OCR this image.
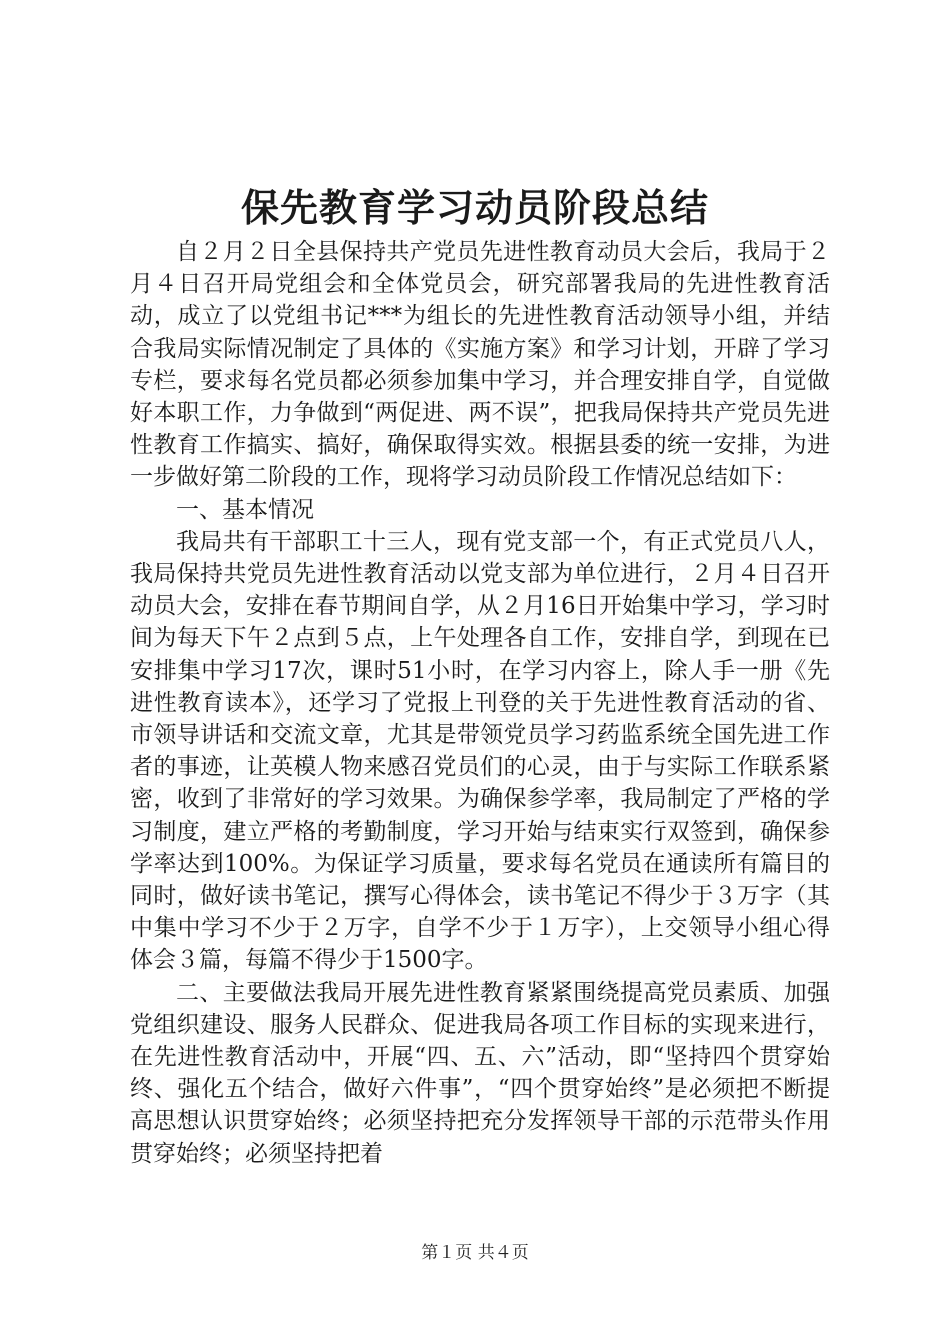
保先教育学习动员阶段总结

自２月２日全县保持共产党员先进性教育动员大会后，我局于２月４日召开局党组会和全体党员会，研究部署我局的先进性教育活动，成立了以党组书记***为组长的先进性教育活动领导小组，并结合我局实际情况制定了具体的《实施方案》和学习计划，开辟了学习专栏，要求每名党员都必须参加集中学习，并合理安排自学，自觉做好本职工作，力争做到“两促进、两不误”，把我局保持共产党员先进性教育工作搞实、搞好，确保取得实效。根据县委的统一安排，为进一步做好第二阶段的工作，现将学习动员阶段工作情况总结如下：

一、基本情况

我局共有干部职工十三人，现有党支部一个，有正式党员八人，我局保持共党员先进性教育活动以党支部为单位进行，２月４日召开动员大会，安排在春节期间自学，从２月16日开始集中学习，学习时间为每天下午２点到５点，上午处理各自工作，安排自学，到现在已安排集中学习17次，课时51小时，在学习内容上，除人手一册《先进性教育读本》，还学习了党报上刊登的关于先进性教育活动的省、市领导讲话和交流文章，尤其是带领党员学习药监系统全国先进工作者的事迹，让英模人物来感召党员们的心灵，由于与实际工作联系紧密，收到了非常好的学习效果。为确保参学率，我局制定了严格的学习制度，建立严格的考勤制度，学习开始与结束实行双签到，确保参学率达到100%。为保证学习质量，要求每名党员在通读所有篇目的同时，做好读书笔记，撰写心得体会，读书笔记不得少于３万字（其中集中学习不少于２万字，自学不少于１万字），上交领导小组心得体会３篇，每篇不得少于1500字。

二、主要做法我局开展先进性教育紧紧围绕提高党员素质、加强党组织建设、服务人民群众、促进我局各项工作目标的实现来进行，在先进性教育活动中，开展“四、五、六”活动，即“坚持四个贯穿始终、强化五个结合，做好六件事”，“四个贯穿始终”是必须把不断提高思想认识贯穿始终；必须坚持把充分发挥领导干部的示范带头作用贯穿始终；必须坚持把着

第１页 共４页
